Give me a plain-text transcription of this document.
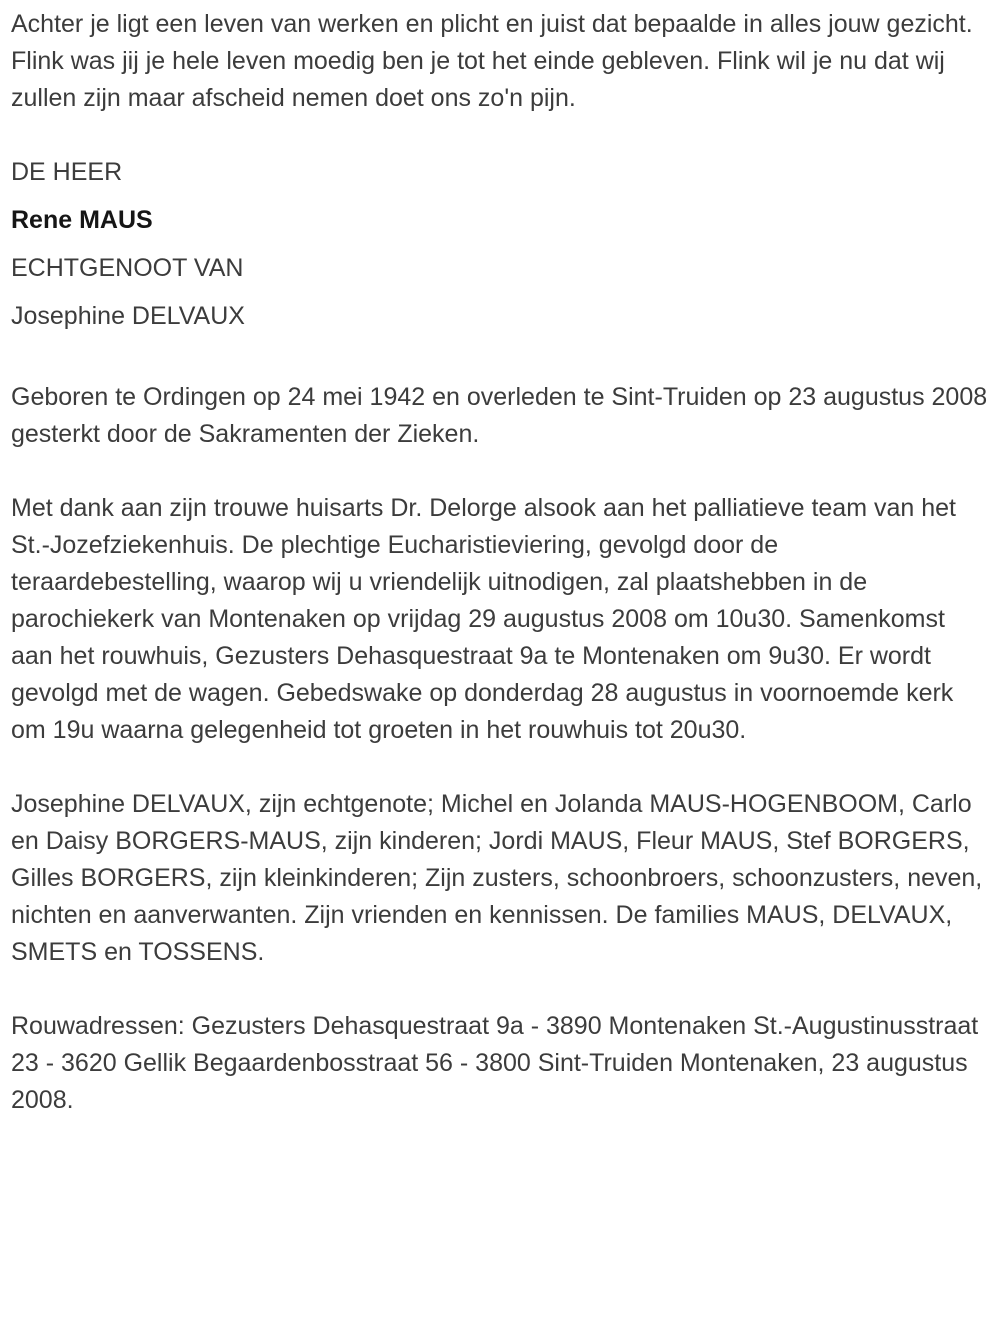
Achter je ligt een leven van werken en plicht en juist dat bepaalde in alles jouw gezicht. Flink was jij je hele leven moedig ben je tot het einde gebleven. Flink wil je nu dat wij zullen zijn maar afscheid nemen doet ons zo'n pijn.

DE HEER

Rene MAUS

ECHTGENOOT VAN

Josephine DELVAUX

Geboren te Ordingen op 24 mei 1942 en overleden te Sint-Truiden op 23 augustus 2008 gesterkt door de Sakramenten der Zieken.

Met dank aan zijn trouwe huisarts Dr. Delorge alsook aan het palliatieve team van het St.-Jozefziekenhuis. De plechtige Eucharistieviering, gevolgd door de teraardebestelling, waarop wij u vriendelijk uitnodigen, zal plaatshebben in de parochiekerk van Montenaken op vrijdag 29 augustus 2008 om 10u30. Samenkomst aan het rouwhuis, Gezusters Dehasquestraat 9a te Montenaken om 9u30. Er wordt gevolgd met de wagen. Gebedswake op donderdag 28 augustus in voornoemde kerk om 19u waarna gelegenheid tot groeten in het rouwhuis tot 20u30.

Josephine DELVAUX, zijn echtgenote; Michel en Jolanda MAUS-HOGENBOOM, Carlo en Daisy BORGERS-MAUS, zijn kinderen; Jordi MAUS, Fleur MAUS, Stef BORGERS, Gilles BORGERS, zijn kleinkinderen; Zijn zusters, schoonbroers, schoonzusters, neven, nichten en aanverwanten. Zijn vrienden en kennissen. De families MAUS, DELVAUX, SMETS en TOSSENS.

Rouwadressen: Gezusters Dehasquestraat 9a - 3890 Montenaken St.-Augustinusstraat 23 - 3620 Gellik Begaardenbosstraat 56 - 3800 Sint-Truiden Montenaken, 23 augustus 2008.
